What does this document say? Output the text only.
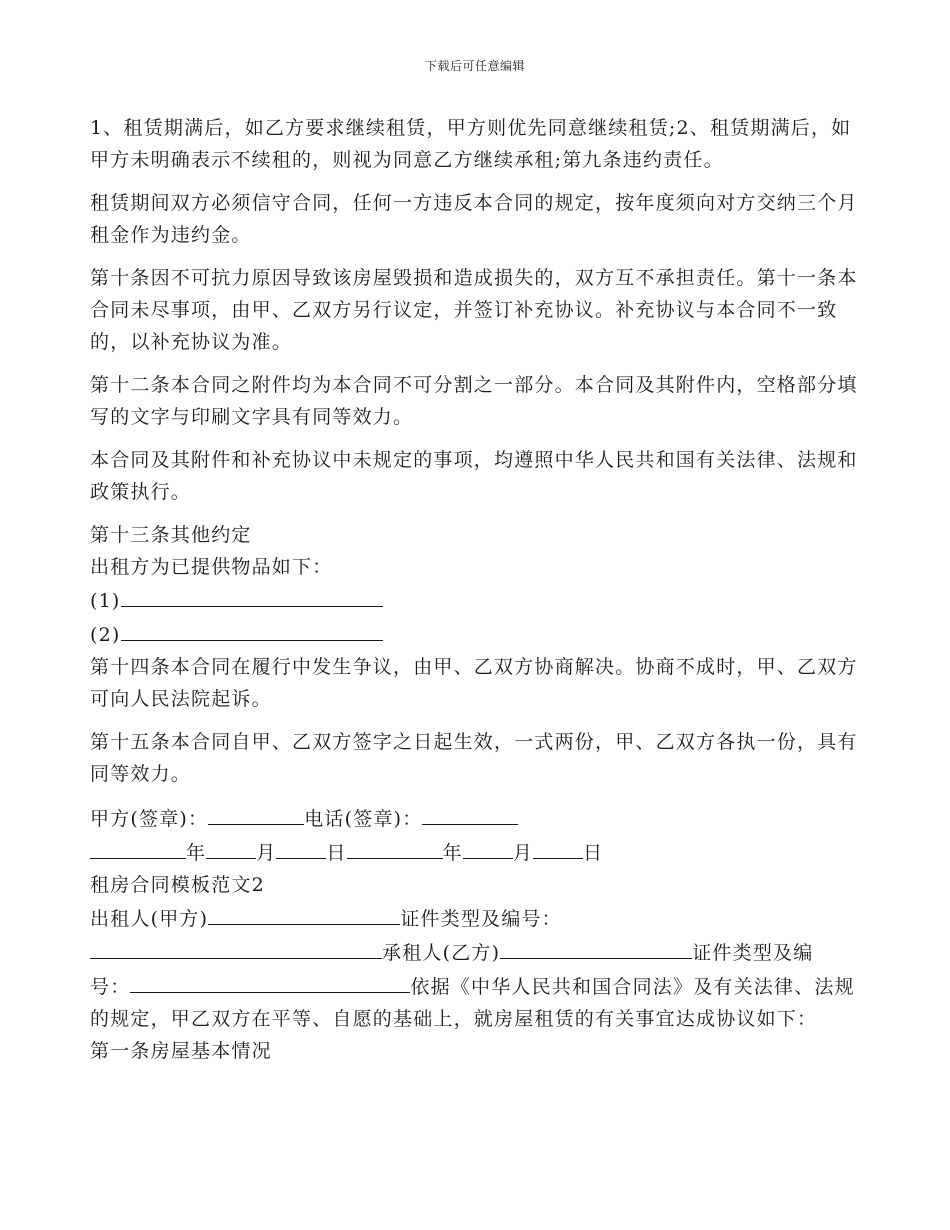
下载后可任意编辑

1、租赁期满后，如乙方要求继续租赁，甲方则优先同意继续租赁;2、租赁期满后，如甲方未明确表示不续租的，则视为同意乙方继续承租;第九条违约责任。

租赁期间双方必须信守合同，任何一方违反本合同的规定，按年度须向对方交纳三个月租金作为违约金。

第十条因不可抗力原因导致该房屋毁损和造成损失的，双方互不承担责任。第十一条本合同未尽事项，由甲、乙双方另行议定，并签订补充协议。补充协议与本合同不一致的，以补充协议为准。

第十二条本合同之附件均为本合同不可分割之一部分。本合同及其附件内，空格部分填写的文字与印刷文字具有同等效力。

本合同及其附件和补充协议中未规定的事项，均遵照中华人民共和国有关法律、法规和政策执行。

第十三条其他约定

出租方为已提供物品如下：

(1)

(2)

第十四条本合同在履行中发生争议，由甲、乙双方协商解决。协商不成时，甲、乙双方可向人民法院起诉。

第十五条本合同自甲、乙双方签字之日起生效，一式两份，甲、乙双方各执一份，具有同等效力。

甲方(签章)：	电话(签章)：

年	月	日	年	月	日

租房合同模板范文2

出租人(甲方)	证件类型及编号：

承租人(乙方)	证件类型及编

号：	依据《中华人民共和国合同法》及有关法律、法规的规定，甲乙双方在平等、自愿的基础上，就房屋租赁的有关事宜达成协议如下：

第一条房屋基本情况
